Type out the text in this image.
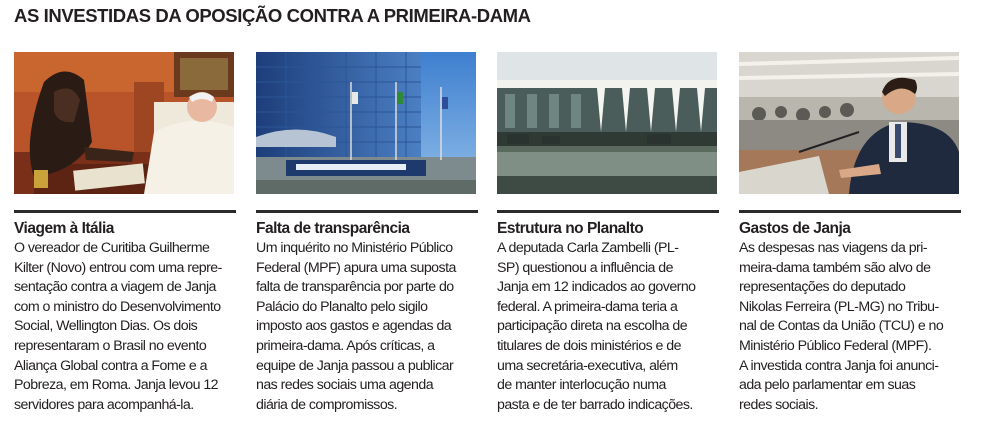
AS INVESTIDAS DA OPOSIÇÃO CONTRA A PRIMEIRA-DAMA
Viagem à Itália
O vereador de Curitiba Guilherme
Kilter (Novo) entrou com uma repre-
sentação contra a viagem de Janja
com o ministro do Desenvolvimento
Social, Wellington Dias. Os dois
representaram o Brasil no evento
Aliança Global contra a Fome e a
Pobreza, em Roma. Janja levou 12
servidores para acompanhá-la.
Falta de transparência
Um inquérito no Ministério Público
Federal (MPF) apura uma suposta
falta de transparência por parte do
Palácio do Planalto pelo sigilo
imposto aos gastos e agendas da
primeira-dama. Após críticas, a
equipe de Janja passou a publicar
nas redes sociais uma agenda
diária de compromissos.
Estrutura no Planalto
A deputada Carla Zambelli (PL-
SP) questionou a influência de
Janja em 12 indicados ao governo
federal. A primeira-dama teria a
participação direta na escolha de
titulares de dois ministérios e de
uma secretária-executiva, além
de manter interlocução numa
pasta e de ter barrado indicações.
Gastos de Janja
As despesas nas viagens da pri-
meira-dama também são alvo de
representações do deputado
Nikolas Ferreira (PL-MG) no Tribu-
nal de Contas da União (TCU) e no
Ministério Público Federal (MPF).
A investida contra Janja foi anunci-
ada pelo parlamentar em suas
redes sociais.
